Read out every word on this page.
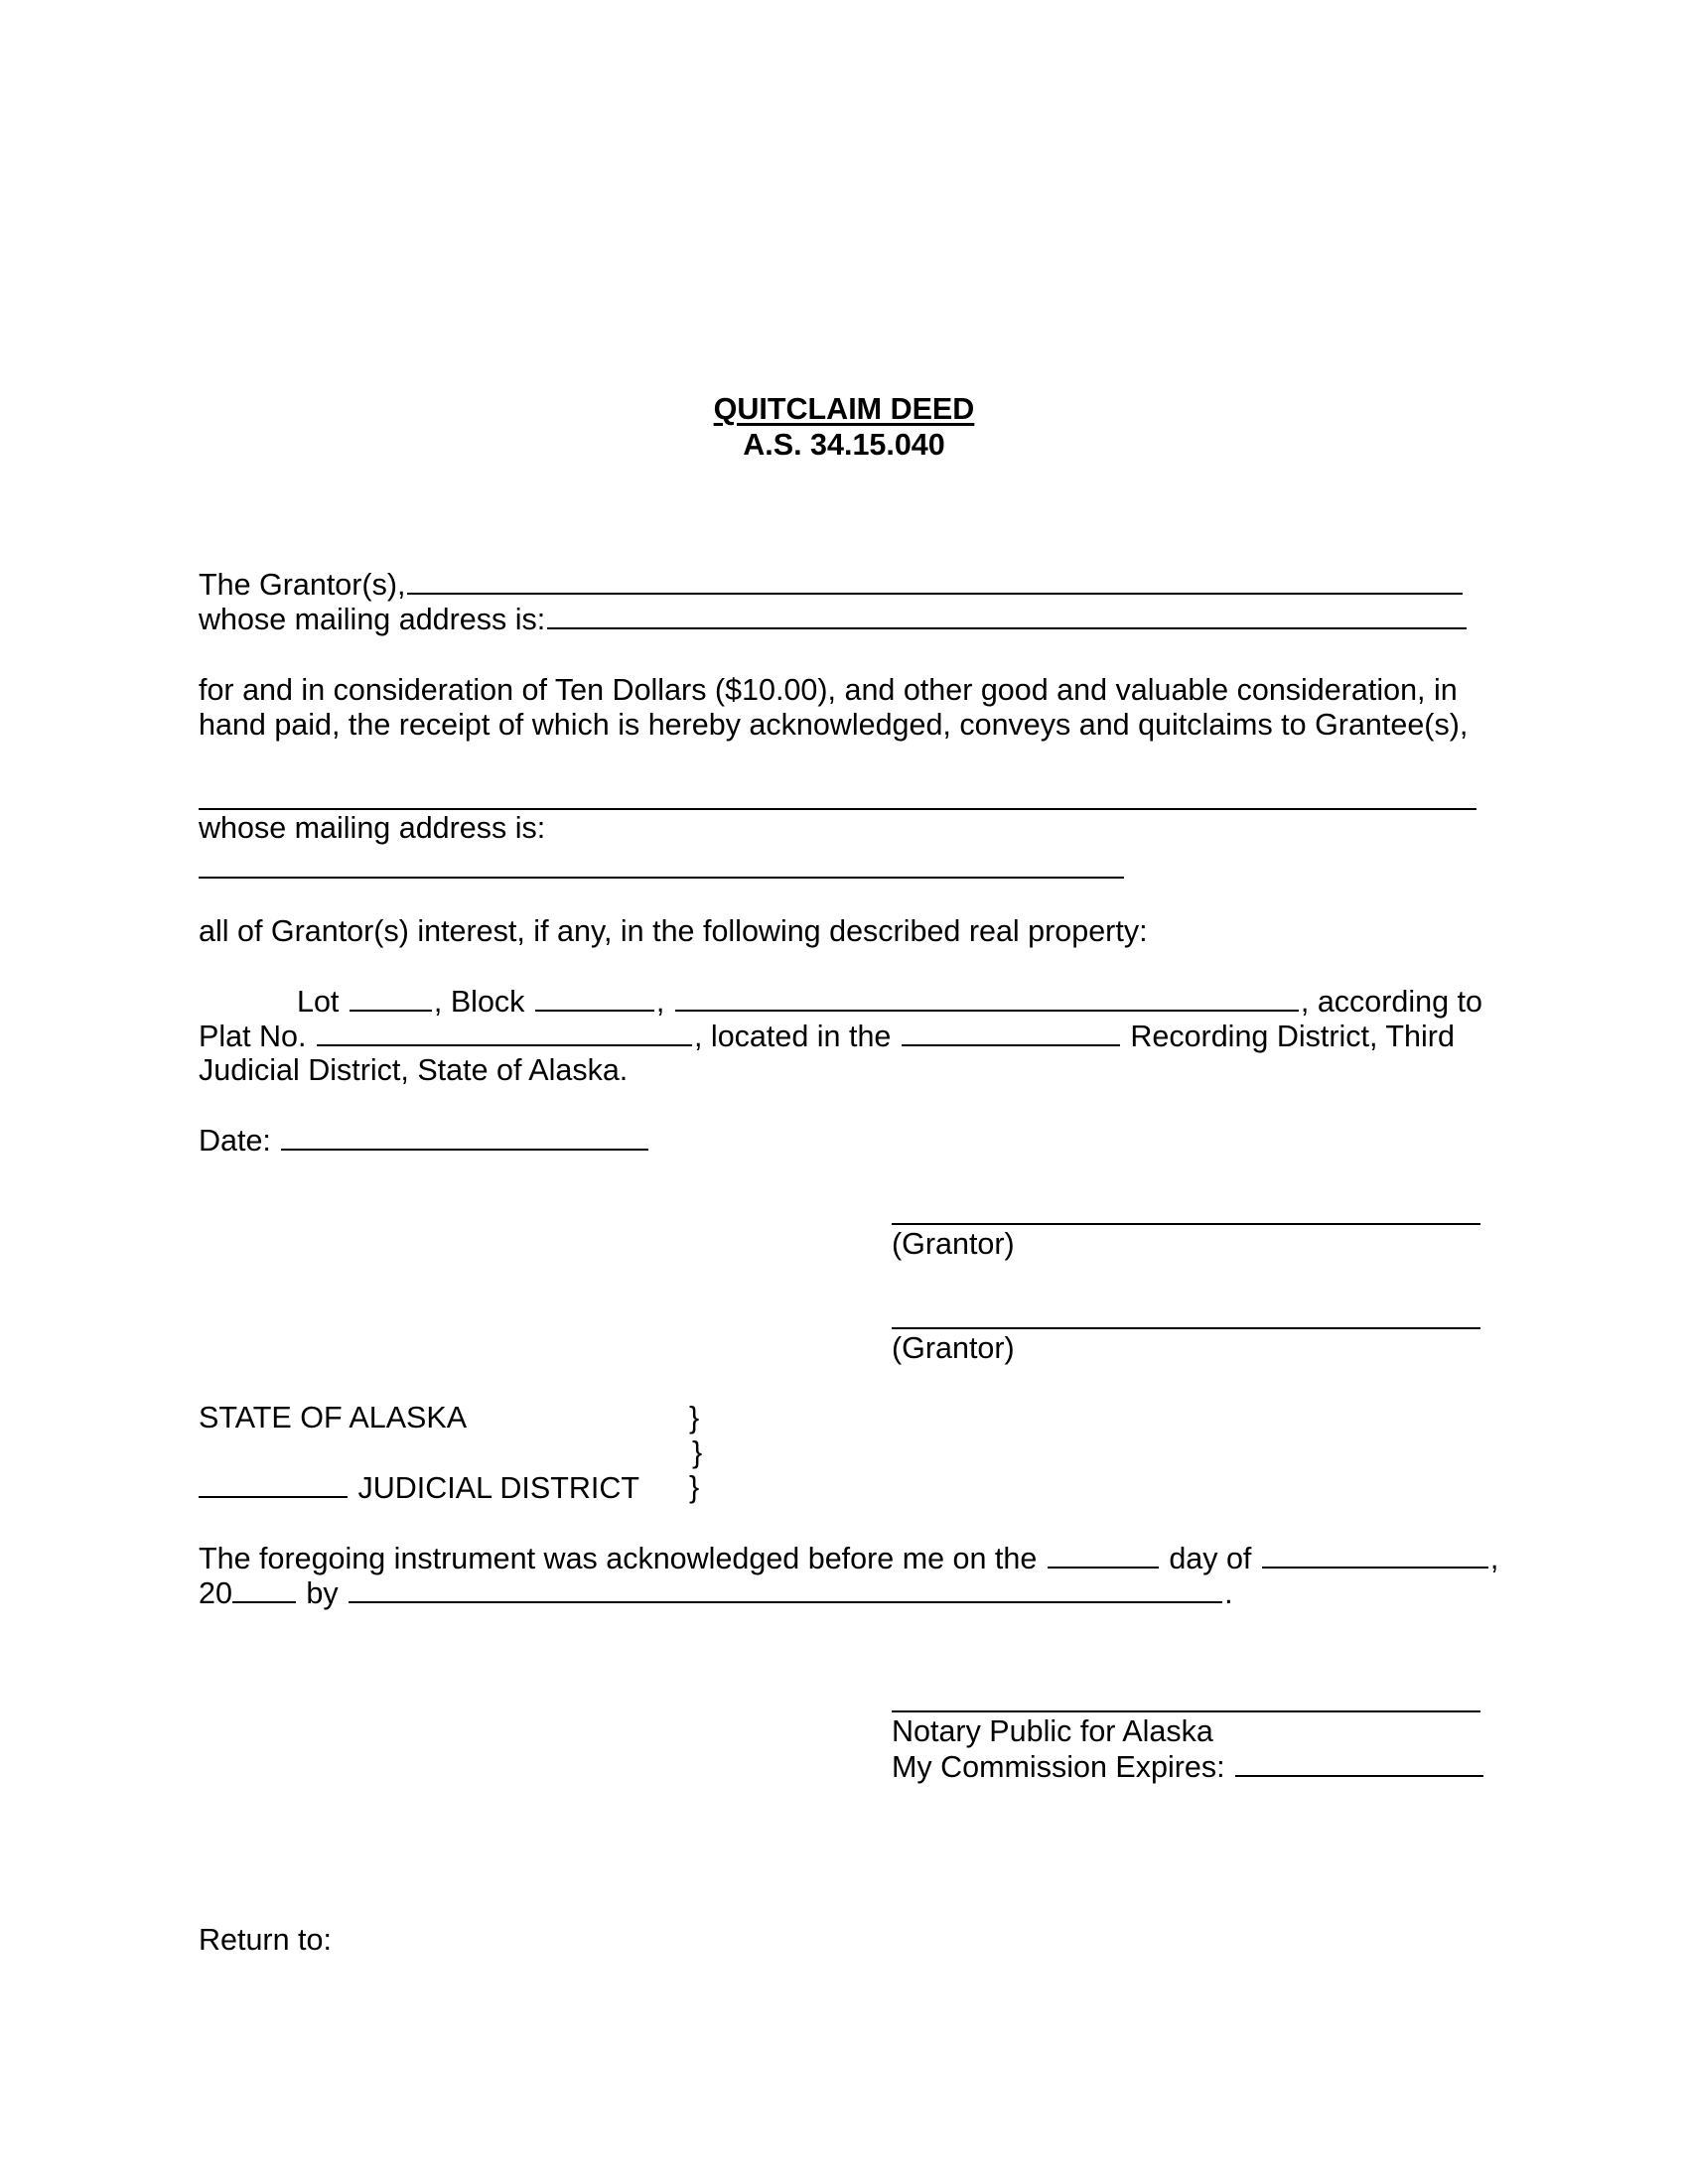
QUITCLAIM DEED
A.S. 34.15.040
The Grantor(s),
whose mailing address is:
for and in consideration of Ten Dollars ($10.00), and other good and valuable consideration, in
hand paid, the receipt of which is hereby acknowledged, conveys and quitclaims to Grantee(s),
whose mailing address is:
all of Grantor(s) interest, if any, in the following described real property:
Lot	, Block	,	, according to
Plat No.	, located in the	Recording District, Third
Judicial District, State of Alaska.
Date:
(Grantor)
(Grantor)
STATE OF ALASKA	}
}
JUDICIAL DISTRICT }
The foregoing instrument was acknowledged before me on the	day of	,
20 by	.
Notary Public for Alaska
My Commission Expires:
Return to:
